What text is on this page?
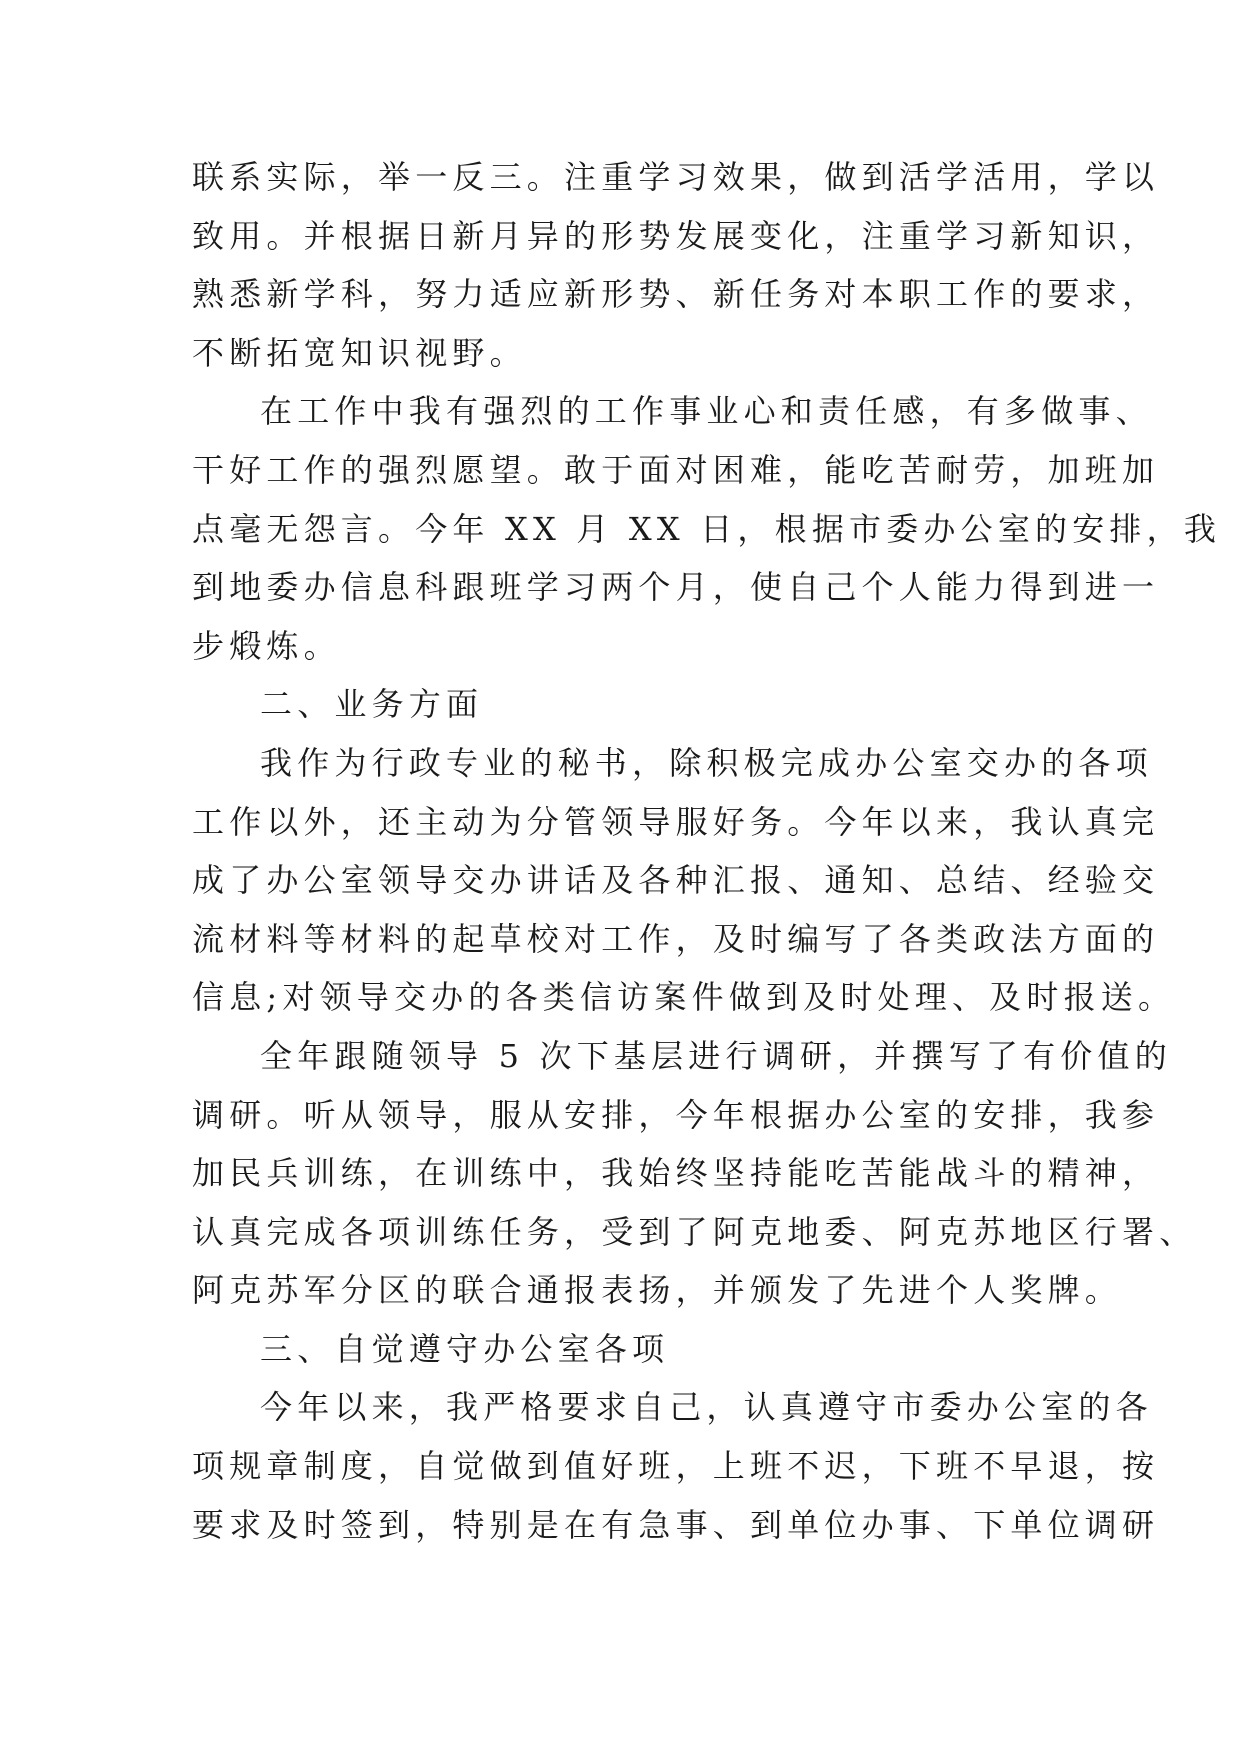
联系实际，举一反三。注重学习效果，做到活学活用，学以
致用。并根据日新月异的形势发展变化，注重学习新知识，
熟悉新学科，努力适应新形势、新任务对本职工作的要求，
不断拓宽知识视野。
在工作中我有强烈的工作事业心和责任感，有多做事、
干好工作的强烈愿望。敢于面对困难，能吃苦耐劳，加班加
点毫无怨言。今年 XX 月 XX 日，根据市委办公室的安排，我
到地委办信息科跟班学习两个月，使自己个人能力得到进一
步煅炼。
二、业务方面
我作为行政专业的秘书，除积极完成办公室交办的各项
工作以外，还主动为分管领导服好务。今年以来，我认真完
成了办公室领导交办讲话及各种汇报、通知、总结、经验交
流材料等材料的起草校对工作，及时编写了各类政法方面的
信息;对领导交办的各类信访案件做到及时处理、及时报送。
全年跟随领导 5 次下基层进行调研，并撰写了有价值的
调研。听从领导，服从安排，今年根据办公室的安排，我参
加民兵训练，在训练中，我始终坚持能吃苦能战斗的精神，
认真完成各项训练任务，受到了阿克地委、阿克苏地区行署、
阿克苏军分区的联合通报表扬，并颁发了先进个人奖牌。
三、自觉遵守办公室各项
今年以来，我严格要求自己，认真遵守市委办公室的各
项规章制度，自觉做到值好班，上班不迟，下班不早退，按
要求及时签到，特别是在有急事、到单位办事、下单位调研
